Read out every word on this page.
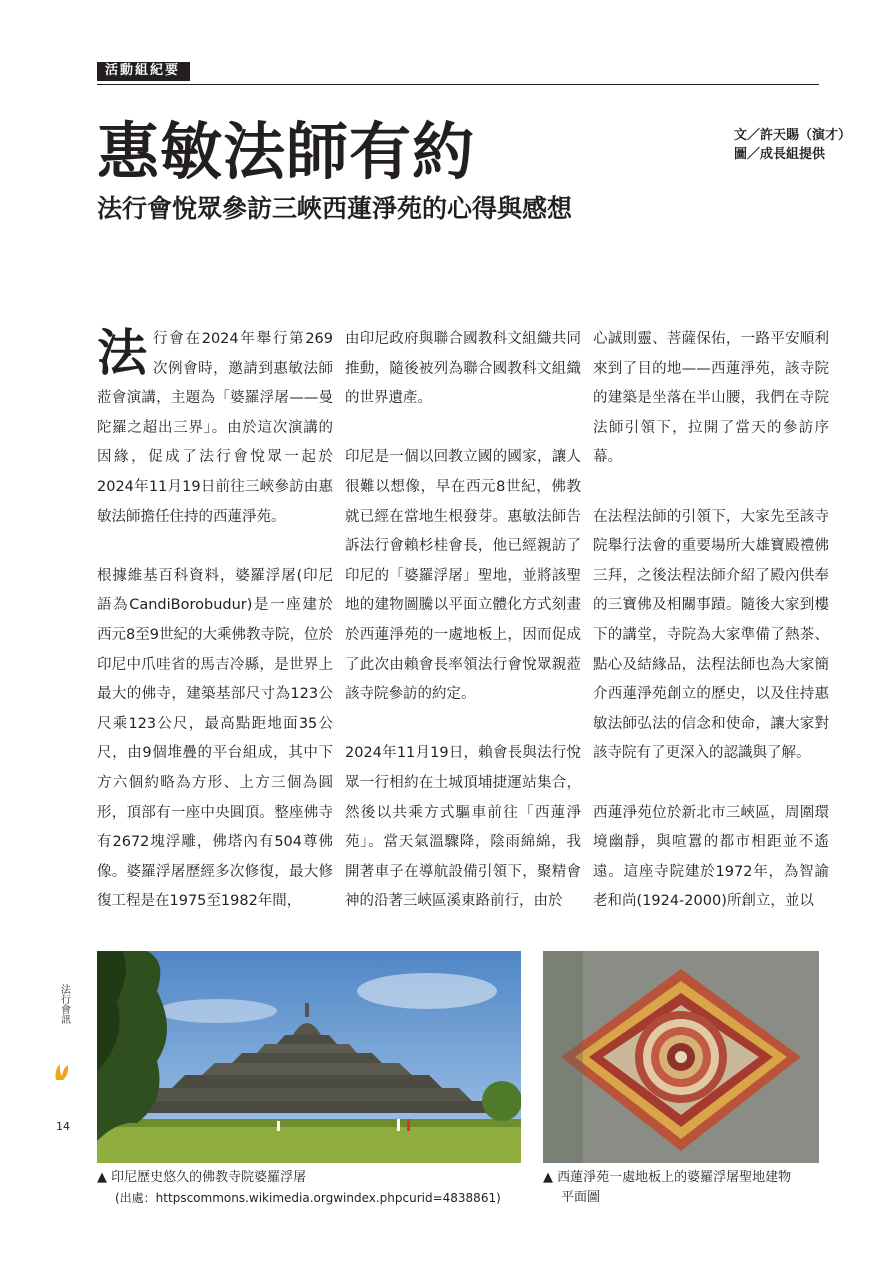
活動組紀要
惠敏法師有約
法行會悅眾參訪三峽西蓮淨苑的心得與感想
文／許天賜（演才）
圖／成長組提供

法行會在2024年舉行第269次例會時，邀請到惠敏法師蒞會演講，主題為「婆羅浮屠——曼陀羅之超出三界」。由於這次演講的因緣，促成了法行會悅眾一起於2024年11月19日前往三峽參訪由惠敏法師擔任住持的西蓮淨苑。

根據維基百科資料，婆羅浮屠(印尼語為CandiBorobudur)是一座建於西元8至9世紀的大乘佛教寺院，位於印尼中爪哇省的馬吉冷縣，是世界上最大的佛寺，建築基部尺寸為123公尺乘123公尺，最高點距地面35公尺，由9個堆疊的平台組成，其中下方六個約略為方形、上方三個為圓形，頂部有一座中央圓頂。整座佛寺有2672塊浮雕，佛塔內有504尊佛像。婆羅浮屠歷經多次修復，最大修復工程是在1975至1982年間，

由印尼政府與聯合國教科文組織共同推動，隨後被列為聯合國教科文組織的世界遺產。

印尼是一個以回教立國的國家，讓人很難以想像，早在西元8世紀，佛教就已經在當地生根發芽。惠敏法師告訴法行會賴杉桂會長，他已經親訪了印尼的「婆羅浮屠」聖地，並將該聖地的建物圖騰以平面立體化方式刻畫於西蓮淨苑的一處地板上，因而促成了此次由賴會長率領法行會悅眾親蒞該寺院參訪的約定。

2024年11月19日，賴會長與法行悅眾一行相約在土城頂埔捷運站集合，然後以共乘方式驅車前往「西蓮淨苑」。當天氣溫驟降，陰雨綿綿，我開著車子在導航設備引領下，聚精會神的沿著三峽區溪東路前行，由於

心誠則靈、菩薩保佑，一路平安順利來到了目的地——西蓮淨苑，該寺院的建築是坐落在半山腰，我們在寺院法師引領下，拉開了當天的參訪序幕。

在法程法師的引領下，大家先至該寺院舉行法會的重要場所大雄寶殿禮佛三拜，之後法程法師介紹了殿內供奉的三寶佛及相關事蹟。隨後大家到樓下的講堂，寺院為大家準備了熱茶、點心及結緣品，法程法師也為大家簡介西蓮淨苑創立的歷史，以及住持惠敏法師弘法的信念和使命，讓大家對該寺院有了更深入的認識與了解。

西蓮淨苑位於新北市三峽區，周圍環境幽靜，與喧囂的都市相距並不遙遠。這座寺院建於1972年，為智諭老和尚(1924-2000)所創立，並以

▲ 印尼歷史悠久的佛教寺院婆羅浮屠
(出處：httpscommons.wikimedia.orgwindex.phpcurid=4838861)
▲ 西蓮淨苑一處地板上的婆羅浮屠聖地建物
平面圖
法行會訊
14
